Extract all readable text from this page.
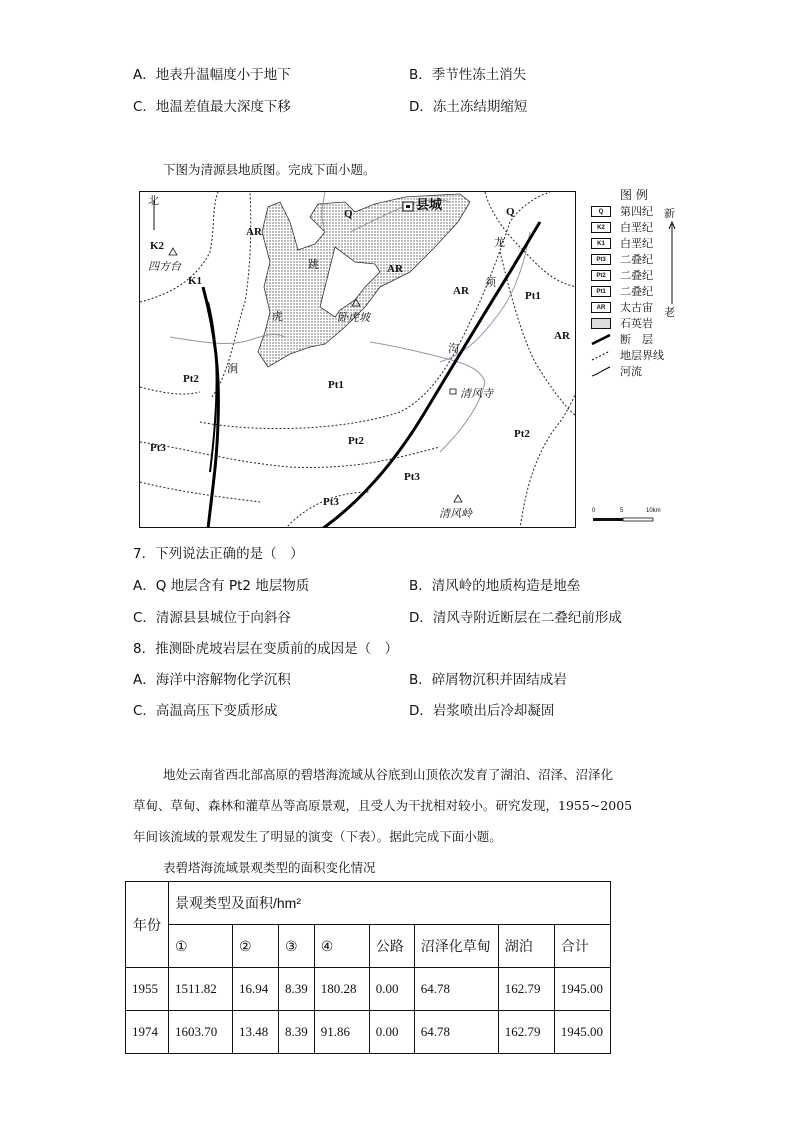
A．地表升温幅度小于地下	B．季节性冻土消失
C．地温差值最大深度下移	D．冻土冻结期缩短
下图为清源县地质图。完成下面小题。
北
Q	Q
AR
AR
AR
AR
K2
K1
Pt1
Pt1
Pt2
Pt2
Pt2
Pt3
Pt3
Pt3
县城
四方台
卧虎坡
清风寺
清风岭
跳
虎
涧
龙
须
沟
图 例
Q	第四纪
K2	白垩纪
K1	白垩纪
Pt3	二叠纪
Pt2	二叠纪
Pt1	二叠纪
AR	太古宙
石英岩
断　层
地层界线
河流
新
老
0	5	10km
7．下列说法正确的是（　）
A．Q 地层含有 Pt2 地层物质	B．清风岭的地质构造是地垒
C．清源县县城位于向斜谷	D．清风寺附近断层在二叠纪前形成
8．推测卧虎坡岩层在变质前的成因是（　）
A．海洋中溶解物化学沉积	B．碎屑物沉积并固结成岩
C．高温高压下变质形成	D．岩浆喷出后冷却凝固
地处云南省西北部高原的碧塔海流域从谷底到山顶依次发育了湖泊、沼泽、沼泽化
草甸、草甸、森林和灌草丛等高原景观，且受人为干扰相对较小。研究发现，1955~2005
年间该流域的景观发生了明显的演变（下表）。据此完成下面小题。
表碧塔海流域景观类型的面积变化情况
年份	景观类型及面积/hm²							
	①	②	③	④	公路	沼泽化草甸	湖泊	合计
1955	1511.82	16.94	8.39	180.28	0.00	64.78	162.79	1945.00
1974	1603.70	13.48	8.39	91.86	0.00	64.78	162.79	1945.00
